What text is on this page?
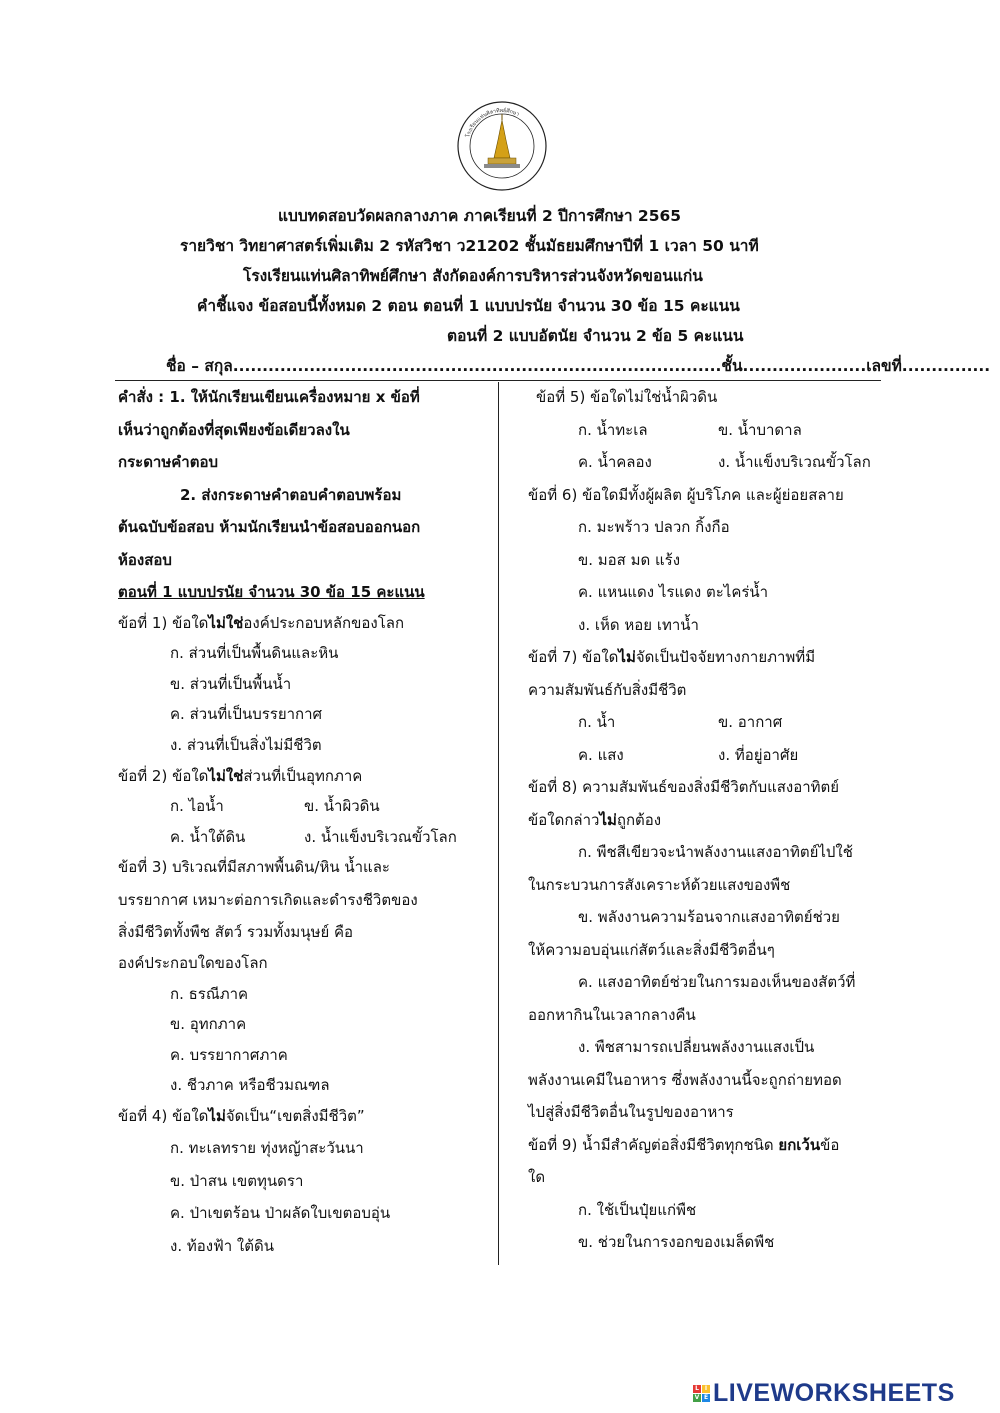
โรงเรียนแท่นศิลาทิพย์ศึกษา
แบบทดสอบวัดผลกลางภาค ภาคเรียนที่ 2 ปีการศึกษา 2565
รายวิชา วิทยาศาสตร์เพิ่มเติม 2 รหัสวิชา ว21202 ชั้นมัธยมศึกษาปีที่ 1 เวลา 50 นาที
โรงเรียนแท่นศิลาทิพย์ศึกษา สังกัดองค์การบริหารส่วนจังหวัดขอนแก่น
คำชี้แจง ข้อสอบนี้ทั้งหมด 2 ตอน ตอนที่ 1 แบบปรนัย จำนวน 30 ข้อ 15 คะแนน
ตอนที่ 2 แบบอัตนัย จำนวน 2 ข้อ 5 คะแนน
ชื่อ – สกุล...................................................................................ชั้น.....................เลขที่...............
คำสั่ง : 1. ให้นักเรียนเขียนเครื่องหมาย x ข้อที่
เห็นว่าถูกต้องที่สุดเพียงข้อเดียวลงใน
กระดาษคำตอบ
2. ส่งกระดาษคำตอบคำตอบพร้อม
ต้นฉบับข้อสอบ ห้ามนักเรียนนำข้อสอบออกนอก
ห้องสอบ
ตอนที่ 1 แบบปรนัย จำนวน 30 ข้อ 15 คะแนน
ข้อที่ 1) ข้อใดไม่ใช่องค์ประกอบหลักของโลก
ก. ส่วนที่เป็นพื้นดินและหิน
ข. ส่วนที่เป็นพื้นน้ำ
ค. ส่วนที่เป็นบรรยากาศ
ง. ส่วนที่เป็นสิ่งไม่มีชีวิต
ข้อที่ 2) ข้อใดไม่ใช่ส่วนที่เป็นอุทกภาค
ก. ไอน้ำ	ข. น้ำผิวดิน
ค. น้ำใต้ดิน	ง. น้ำแข็งบริเวณขั้วโลก
ข้อที่ 3) บริเวณที่มีสภาพพื้นดิน/หิน น้ำและ
บรรยากาศ เหมาะต่อการเกิดและดำรงชีวิตของ
สิ่งมีชีวิตทั้งพืช สัตว์ รวมทั้งมนุษย์ คือ
องค์ประกอบใดของโลก
ก. ธรณีภาค
ข. อุทกภาค
ค. บรรยากาศภาค
ง. ชีวภาค หรือชีวมณฑล
ข้อที่ 4) ข้อใดไม่จัดเป็น“เขตสิ่งมีชีวิต”
ก. ทะเลทราย ทุ่งหญ้าสะวันนา
ข. ป่าสน เขตทุนดรา
ค. ป่าเขตร้อน ป่าผลัดใบเขตอบอุ่น
ง. ท้องฟ้า ใต้ดิน
ข้อที่ 5) ข้อใดไม่ใช่น้ำผิวดิน
ก. น้ำทะเล	ข. น้ำบาดาล
ค. น้ำคลอง	ง. น้ำแข็งบริเวณขั้วโลก
ข้อที่ 6) ข้อใดมีทั้งผู้ผลิต ผู้บริโภค และผู้ย่อยสลาย
ก. มะพร้าว ปลวก กิ้งกือ
ข. มอส มด แร้ง
ค. แหนแดง ไรแดง ตะไคร่น้ำ
ง. เห็ด หอย เทาน้ำ
ข้อที่ 7) ข้อใดไม่จัดเป็นปัจจัยทางกายภาพที่มี
ความสัมพันธ์กับสิ่งมีชีวิต
ก. น้ำ	ข. อากาศ
ค. แสง	ง. ที่อยู่อาศัย
ข้อที่ 8) ความสัมพันธ์ของสิ่งมีชีวิตกับแสงอาทิตย์
ข้อใดกล่าวไม่ถูกต้อง
ก. พืชสีเขียวจะนำพลังงานแสงอาทิตย์ไปใช้
ในกระบวนการสังเคราะห์ด้วยแสงของพืช
ข. พลังงานความร้อนจากแสงอาทิตย์ช่วย
ให้ความอบอุ่นแก่สัตว์และสิ่งมีชีวิตอื่นๆ
ค. แสงอาทิตย์ช่วยในการมองเห็นของสัตว์ที่
ออกหากินในเวลากลางคืน
ง. พืชสามารถเปลี่ยนพลังงานแสงเป็น
พลังงานเคมีในอาหาร ซึ่งพลังงานนี้จะถูกถ่ายทอด
ไปสู่สิ่งมีชีวิตอื่นในรูปของอาหาร
ข้อที่ 9) น้ำมีสำคัญต่อสิ่งมีชีวิตทุกชนิด ยกเว้นข้อ
ใด
ก. ใช้เป็นปุ๋ยแก่พืช
ข. ช่วยในการงอกของเมล็ดพืช
L I
V E LIVEWORKSHEETS
